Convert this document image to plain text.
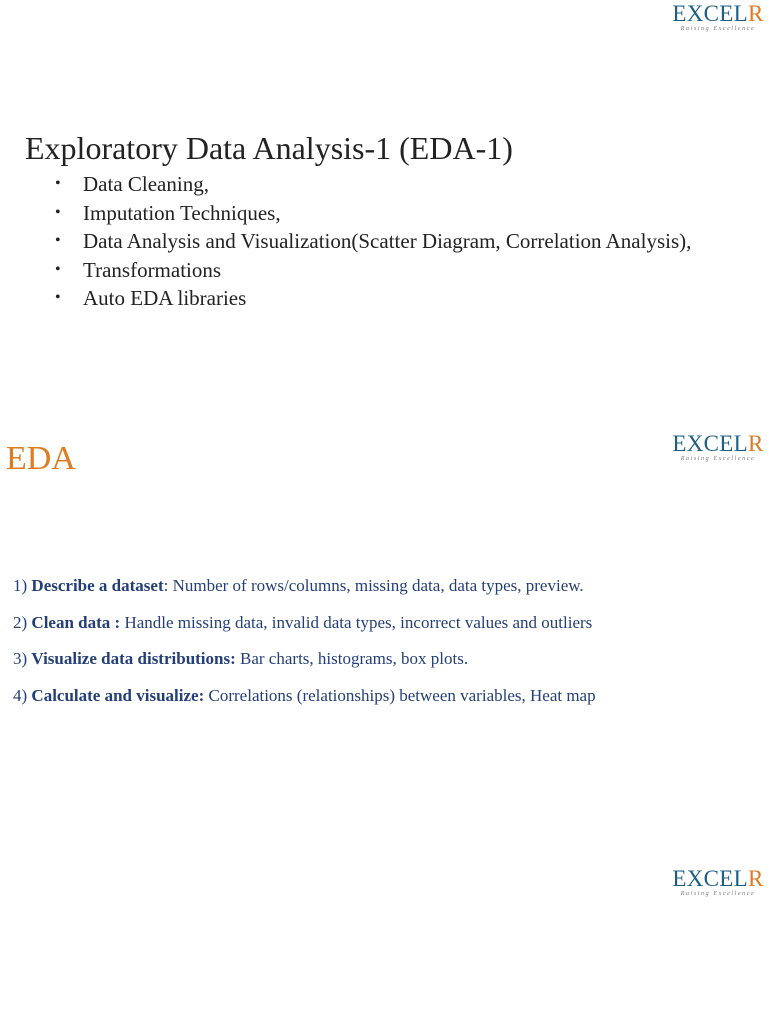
EXCELR
Raising Excellence
Exploratory Data Analysis-1 (EDA-1)
• Data Cleaning,
• Imputation Techniques,
• Data Analysis and Visualization(Scatter Diagram, Correlation Analysis),
• Transformations
• Auto EDA libraries
EXCELR
Raising Excellence
EDA
1) Describe a dataset: Number of rows/columns, missing data, data types, preview.
2) Clean data : Handle missing data, invalid data types, incorrect values and outliers
3) Visualize data distributions: Bar charts, histograms, box plots.
4) Calculate and visualize: Correlations (relationships) between variables, Heat map
EXCELR
Raising Excellence
